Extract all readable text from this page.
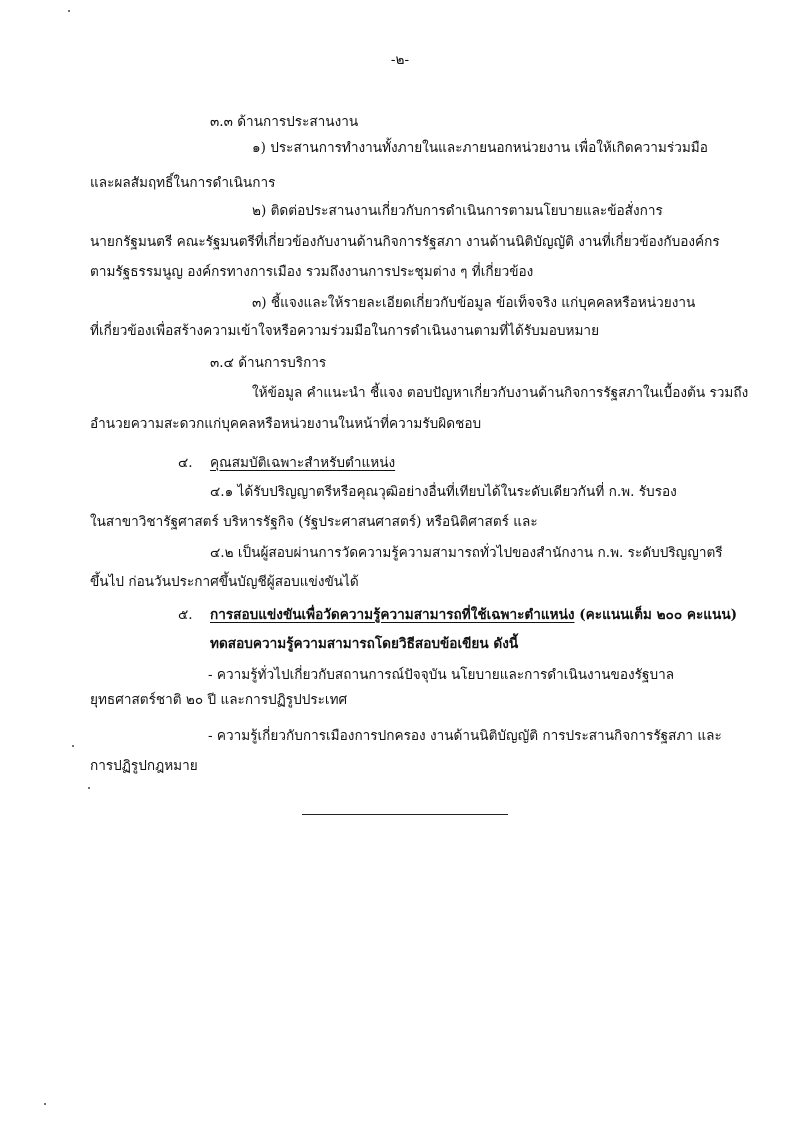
-๒-
๓.๓ ด้านการประสานงาน
๑) ประสานการทำงานทั้งภายในและภายนอกหน่วยงาน เพื่อให้เกิดความร่วมมือ
และผลสัมฤทธิ์ในการดำเนินการ
๒) ติดต่อประสานงานเกี่ยวกับการดำเนินการตามนโยบายและข้อสั่งการ
นายกรัฐมนตรี คณะรัฐมนตรีที่เกี่ยวข้องกับงานด้านกิจการรัฐสภา งานด้านนิติบัญญัติ งานที่เกี่ยวข้องกับองค์กร
ตามรัฐธรรมนูญ องค์กรทางการเมือง รวมถึงงานการประชุมต่าง ๆ ที่เกี่ยวข้อง
๓) ชี้แจงและให้รายละเอียดเกี่ยวกับข้อมูล ข้อเท็จจริง แก่บุคคลหรือหน่วยงาน
ที่เกี่ยวข้องเพื่อสร้างความเข้าใจหรือความร่วมมือในการดำเนินงานตามที่ได้รับมอบหมาย
๓.๔ ด้านการบริการ
ให้ข้อมูล คำแนะนำ ชี้แจง ตอบปัญหาเกี่ยวกับงานด้านกิจการรัฐสภาในเบื้องต้น รวมถึง
อำนวยความสะดวกแก่บุคคลหรือหน่วยงานในหน้าที่ความรับผิดชอบ
๔. คุณสมบัติเฉพาะสำหรับตำแหน่ง
๔.๑ ได้รับปริญญาตรีหรือคุณวุฒิอย่างอื่นที่เทียบได้ในระดับเดียวกันที่ ก.พ. รับรอง
ในสาขาวิชารัฐศาสตร์ บริหารรัฐกิจ (รัฐประศาสนศาสตร์) หรือนิติศาสตร์ และ
๔.๒ เป็นผู้สอบผ่านการวัดความรู้ความสามารถทั่วไปของสำนักงาน ก.พ. ระดับปริญญาตรี
ขึ้นไป ก่อนวันประกาศขึ้นบัญชีผู้สอบแข่งขันได้
๕. การสอบแข่งขันเพื่อวัดความรู้ความสามารถที่ใช้เฉพาะตำแหน่ง (คะแนนเต็ม ๒๐๐ คะแนน)
ทดสอบความรู้ความสามารถโดยวิธีสอบข้อเขียน ดังนี้
- ความรู้ทั่วไปเกี่ยวกับสถานการณ์ปัจจุบัน นโยบายและการดำเนินงานของรัฐบาล
ยุทธศาสตร์ชาติ ๒๐ ปี และการปฏิรูปประเทศ
- ความรู้เกี่ยวกับการเมืองการปกครอง งานด้านนิติบัญญัติ การประสานกิจการรัฐสภา และ
การปฏิรูปกฎหมาย
